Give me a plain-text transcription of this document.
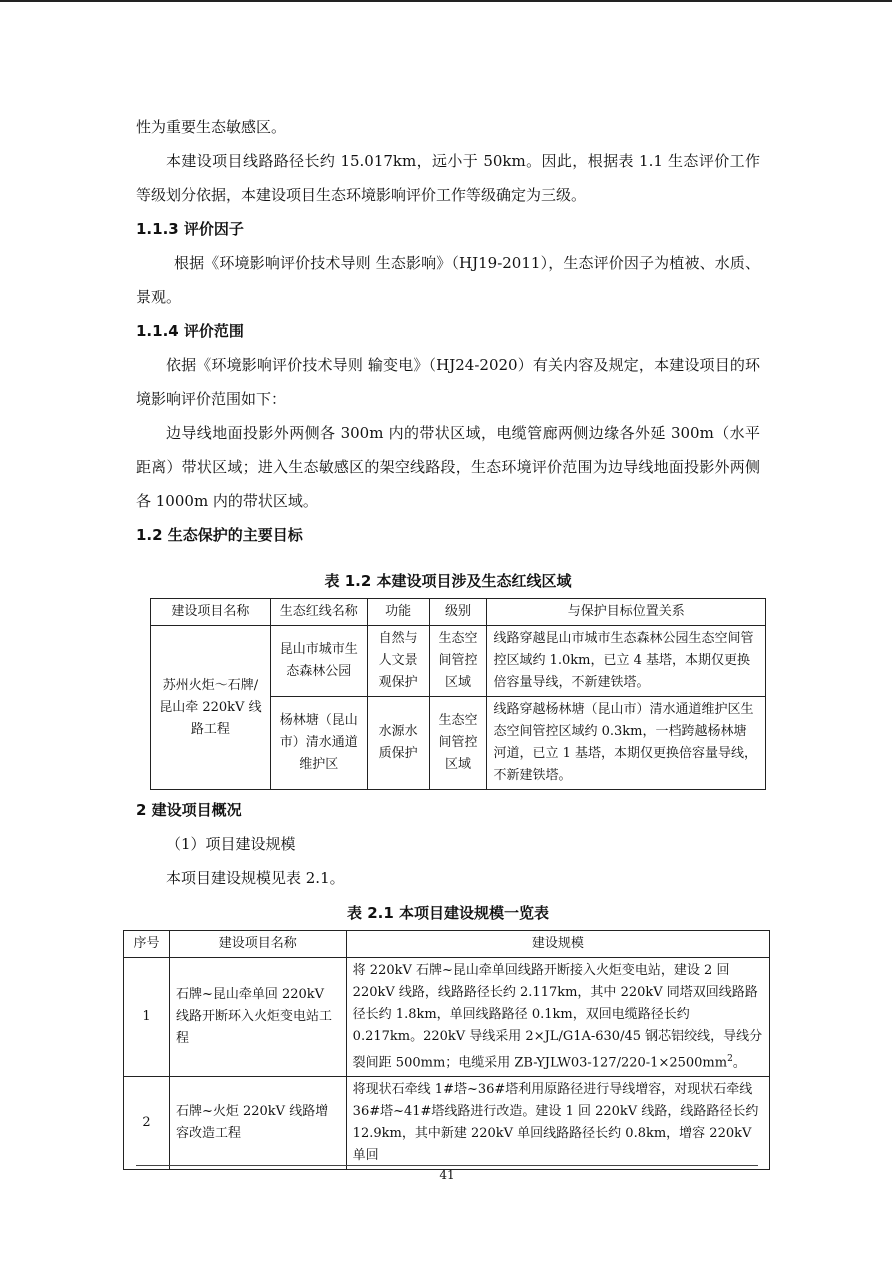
性为重要生态敏感区。

本建设项目线路路径长约 15.017km，远小于 50km。因此，根据表 1.1 生态评价工作等级划分依据，本建设项目生态环境影响评价工作等级确定为三级。

1.1.3 评价因子

根据《环境影响评价技术导则 生态影响》（HJ19-2011），生态评价因子为植被、水质、景观。

1.1.4 评价范围

依据《环境影响评价技术导则 输变电》（HJ24-2020）有关内容及规定，本建设项目的环境影响评价范围如下：

边导线地面投影外两侧各 300m 内的带状区域，电缆管廊两侧边缘各外延 300m（水平距离）带状区域；进入生态敏感区的架空线路段，生态环境评价范围为边导线地面投影外两侧各 1000m 内的带状区域。

1.2 生态保护的主要目标
表 1.2 本建设项目涉及生态红线区域
建设项目名称	生态红线名称	功能	级别	与保护目标位置关系
苏州火炬～石牌/昆山牵 220kV 线路工程	昆山市城市生态森林公园	自然与人文景观保护	生态空间管控区域	线路穿越昆山市城市生态森林公园生态空间管控区域约 1.0km，已立 4 基塔，本期仅更换倍容量导线，不新建铁塔。
	杨林塘（昆山市）清水通道维护区	水源水质保护	生态空间管控区域	线路穿越杨林塘（昆山市）清水通道维护区生态空间管控区域约 0.3km，一档跨越杨林塘河道，已立 1 基塔，本期仅更换倍容量导线，不新建铁塔。
2 建设项目概况

（1）项目建设规模

本项目建设规模见表 2.1。

表 2.1 本项目建设规模一览表
序号	建设项目名称	建设规模
1	石牌~昆山牵单回 220kV 线路开断环入火炬变电站工程	将 220kV 石牌~昆山牵单回线路开断接入火炬变电站，建设 2 回 220kV 线路，线路路径长约 2.117km，其中 220kV 同塔双回线路路径长约 1.8km，单回线路路径 0.1km，双回电缆路径长约 0.217km。220kV 导线采用 2×JL/G1A-630/45 钢芯铝绞线，导线分裂间距 500mm；电缆采用 $ZB-YJLW03-127/220-1\times 2500mm^2$。
2	石牌~火炬 220kV 线路增容改造工程	将现状石牵线 1#塔~36#塔利用原路径进行导线增容，对现状石牵线 36#塔~41#塔线路进行改造。建设 1 回 220kV 线路，线路路径长约 12.9km，其中新建 220kV 单回线路路径长约 0.8km，增容 220kV 单回
41
